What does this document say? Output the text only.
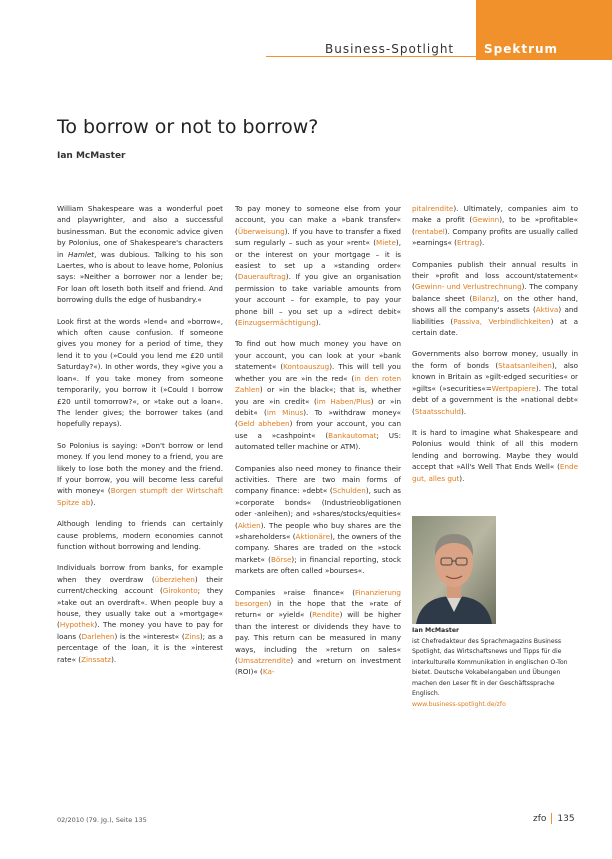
Business-Spotlight Spektrum
To borrow or not to borrow?
Ian McMaster

William Shakespeare was a wonderful poet and playwrighter, and also a successful businessman. But the economic advice given by Polonius, one of Shakespeare's characters in Hamlet, was dubious. Talking to his son Laertes, who is about to leave home, Polonius says: »Neither a borrower nor a lender be; For loan oft loseth both itself and friend. And borrowing dulls the edge of husbandry.«

Look first at the words »lend« and »borrow«, which often cause confusion. If someone gives you money for a period of time, they lend it to you (»Could you lend me £20 until Saturday?«). In other words, they »give you a loan«. If you take money from someone temporarily, you borrow it (»Could I borrow £20 until tomorrow?«, or »take out a loan«. The lender gives; the borrower takes (and hopefully repays).

So Polonius is saying: »Don't borrow or lend money. If you lend money to a friend, you are likely to lose both the money and the friend. If your borrow, you will become less careful with money« (Borgen stumpft der Wirtschaft Spitze ab).

Although lending to friends can certainly cause problems, modern economies cannot function without borrowing and lending.

Individuals borrow from banks, for example when they overdraw (überziehen) their current/checking account (Girokonto; they »take out an overdraft«. When people buy a house, they usually take out a »mortgage« (Hypothek). The money you have to pay for loans (Darlehen) is the »interest« (Zins); as a percentage of the loan, it is the »interest rate« (Zinssatz).

To pay money to someone else from your account, you can make a »bank transfer« (Überweisung). If you have to transfer a fixed sum regularly – such as your »rent« (Miete), or the interest on your mortgage – it is easiest to set up a »standing order« (Dauerauftrag). If you give an organisation permission to take variable amounts from your account – for example, to pay your phone bill – you set up a »direct debit« (Einzugsermächtigung).

To find out how much money you have on your account, you can look at your »bank statement« (Kontoauszug). This will tell you whether you are »in the red« (in den roten Zahlen) or »in the black«; that is, whether you are »in credit« (im Haben/Plus) or »in debit« (im Minus). To »withdraw money« (Geld abheben) from your account, you can use a »cashpoint« (Bankautomat; US: automated teller machine or ATM).

Companies also need money to finance their activities. There are two main forms of company finance: »debt« (Schulden), such as »corporate bonds« (Industrieobligationen oder -anleihen); and »shares/stocks/equities« (Aktien). The people who buy shares are the »shareholders« (Aktionäre), the owners of the company. Shares are traded on the »stock market« (Börse); in financial reporting, stock markets are often called »bourses«.

Companies »raise finance« (Finanzierung besorgen) in the hope that the »rate of return« or »yield« (Rendite) will be higher than the interest or dividends they have to pay. This return can be measured in many ways, including the »return on sales« (Umsatzrendite) and »return on investment (ROI)« (Ka-

pitalrendite). Ultimately, companies aim to make a profit (Gewinn), to be »profitable« (rentabel). Company profits are usually called »earnings« (Ertrag).

Companies publish their annual results in their »profit and loss account/statement« (Gewinn- und Verlustrechnung). The company balance sheet (Bilanz), on the other hand, shows all the company's assets (Aktiva) and liabilities (Passiva, Verbindlichkeiten) at a certain date.

Governments also borrow money, usually in the form of bonds (Staatsanleihen), also known in Britain as »gilt-edged securities« or »gilts« (»securities«=Wertpapiere). The total debt of a government is the »national debt« (Staatsschuld).

It is hard to imagine what Shakespeare and Polonius would think of all this modern lending and borrowing. Maybe they would accept that »All's Well That Ends Well« (Ende gut, alles gut).

Ian McMaster
ist Chefredakteur des Sprachmagazins Business Spotlight, das Wirtschaftsnews und Tipps für die interkulturelle Kommunikation in englischen O-Ton bietet. Deutsche Vokabelangaben und Übungen machen den Leser fit in der Geschäftssprache Englisch.
www.business-spotlight.de/zfo
02/2010 (79. Jg.), Seite 135	zfo 135
